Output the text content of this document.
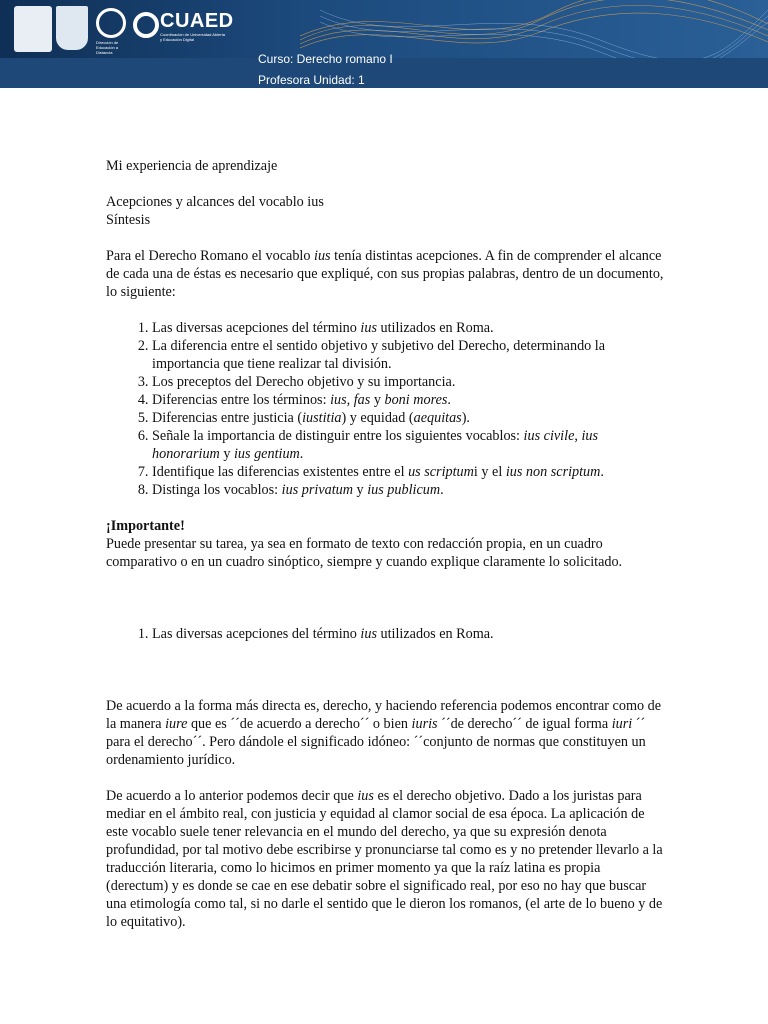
Dirección de Educación a Distancia
CUAED
Coordinación de Universidad Abierta y Educación Digital
Curso: Derecho romano I
Profesora Unidad: 1

Mi experiencia de aprendizaje

Acepciones y alcances del vocablo ius

Síntesis

Para el Derecho Romano el vocablo ius tenía distintas acepciones. A fin de comprender el alcance de cada una de éstas es necesario que expliqué, con sus propias palabras, dentro de un documento, lo siguiente:

1. Las diversas acepciones del término ius utilizados en Roma.
2. La diferencia entre el sentido objetivo y subjetivo del Derecho, determinando la importancia que tiene realizar tal división.
3. Los preceptos del Derecho objetivo y su importancia.
4. Diferencias entre los términos: ius, fas y boni mores.
5. Diferencias entre justicia (iustitia) y equidad (aequitas).
6. Señale la importancia de distinguir entre los siguientes vocablos: ius civile, ius honorarium y ius gentium.
7. Identifique las diferencias existentes entre el us scriptumi y el ius non scriptum.
8. Distinga los vocablos: ius privatum y ius publicum.

¡Importante!

Puede presentar su tarea, ya sea en formato de texto con redacción propia, en un cuadro comparativo o en un cuadro sinóptico, siempre y cuando explique claramente lo solicitado.

1. Las diversas acepciones del término ius utilizados en Roma.

De acuerdo a la forma más directa es, derecho, y haciendo referencia podemos encontrar como de la manera iure que es ´´de acuerdo a derecho´´ o bien iuris ´´de derecho´´ de igual forma iuri ´´ para el derecho´´. Pero dándole el significado idóneo: ´´conjunto de normas que constituyen un ordenamiento jurídico.

De acuerdo a lo anterior podemos decir que ius es el derecho objetivo. Dado a los juristas para mediar en el ámbito real, con justicia y equidad al clamor social de esa época. La aplicación de este vocablo suele tener relevancia en el mundo del derecho, ya que su expresión denota profundidad, por tal motivo debe escribirse y pronunciarse tal como es y no pretender llevarlo a la traducción literaria, como lo hicimos en primer momento ya que la raíz latina es propia (derectum) y es donde se cae en ese debatir sobre el significado real, por eso no hay que buscar una etimología como tal, si no darle el sentido que le dieron los romanos, (el arte de lo bueno y de lo equitativo).
